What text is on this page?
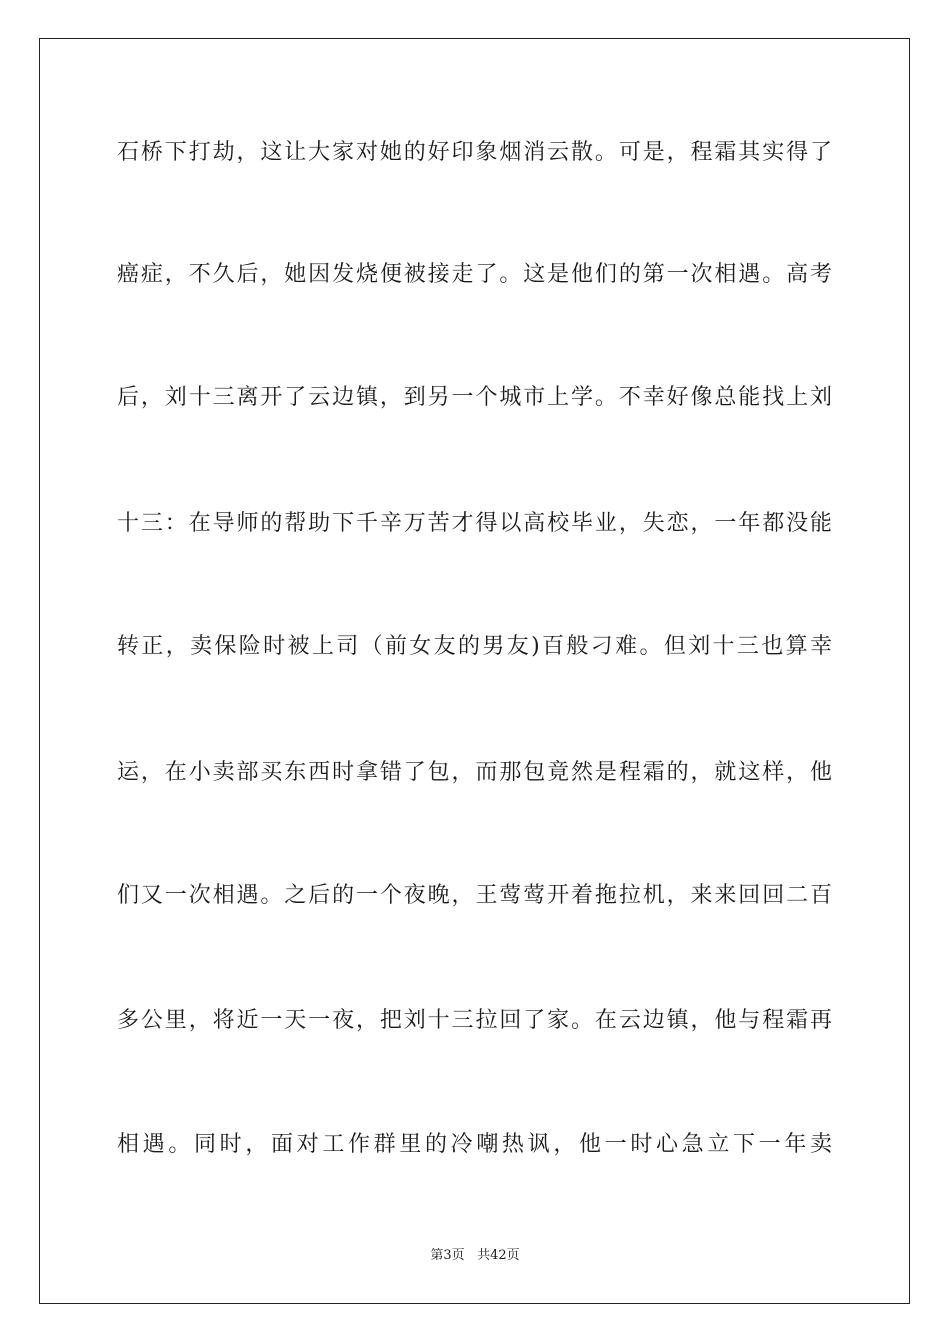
石桥下打劫，这让大家对她的好印象烟消云散。可是，程霜其实得了
癌症，不久后，她因发烧便被接走了。这是他们的第一次相遇。高考
后，刘十三离开了云边镇，到另一个城市上学。不幸好像总能找上刘
十三：在导师的帮助下千辛万苦才得以高校毕业，失恋，一年都没能
转正，卖保险时被上司（前女友的男友)百般刁难。但刘十三也算幸
运，在小卖部买东西时拿错了包，而那包竟然是程霜的，就这样，他
们又一次相遇。之后的一个夜晚，王莺莺开着拖拉机，来来回回二百
多公里，将近一天一夜，把刘十三拉回了家。在云边镇，他与程霜再
相遇。同时，面对工作群里的冷嘲热讽，他一时心急立下一年卖
第3页 共42页
